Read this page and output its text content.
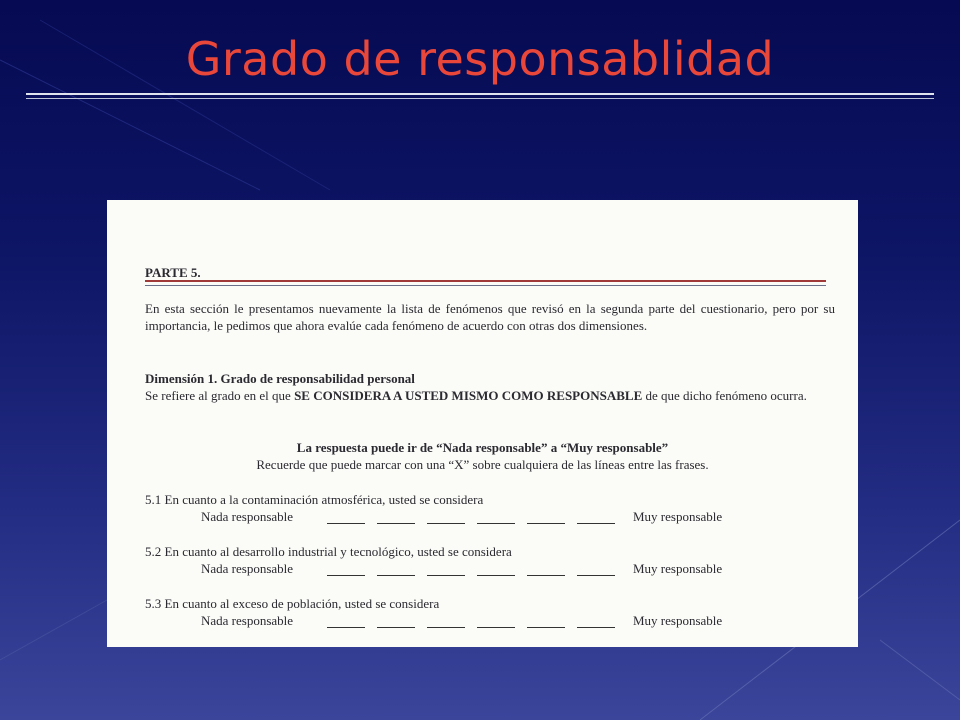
Grado de responsablidad
PARTE 5.
En esta sección le presentamos nuevamente la lista de fenómenos que revisó en la segunda parte del cuestionario, pero por su importancia, le pedimos que ahora evalúe cada fenómeno de acuerdo con otras dos dimensiones.
Dimensión 1. Grado de responsabilidad personal
Se refiere al grado en el que SE CONSIDERA A USTED MISMO COMO RESPONSABLE de que dicho fenómeno ocurra.
La respuesta puede ir de “Nada responsable” a “Muy responsable”
Recuerde que puede marcar con una “X” sobre cualquiera de las líneas entre las frases.
5.1 En cuanto a la contaminación atmosférica, usted se considera
Nada responsable	Muy responsable
5.2 En cuanto al desarrollo industrial y tecnológico, usted se considera
Nada responsable	Muy responsable
5.3 En cuanto al exceso de población, usted se considera
Nada responsable	Muy responsable
